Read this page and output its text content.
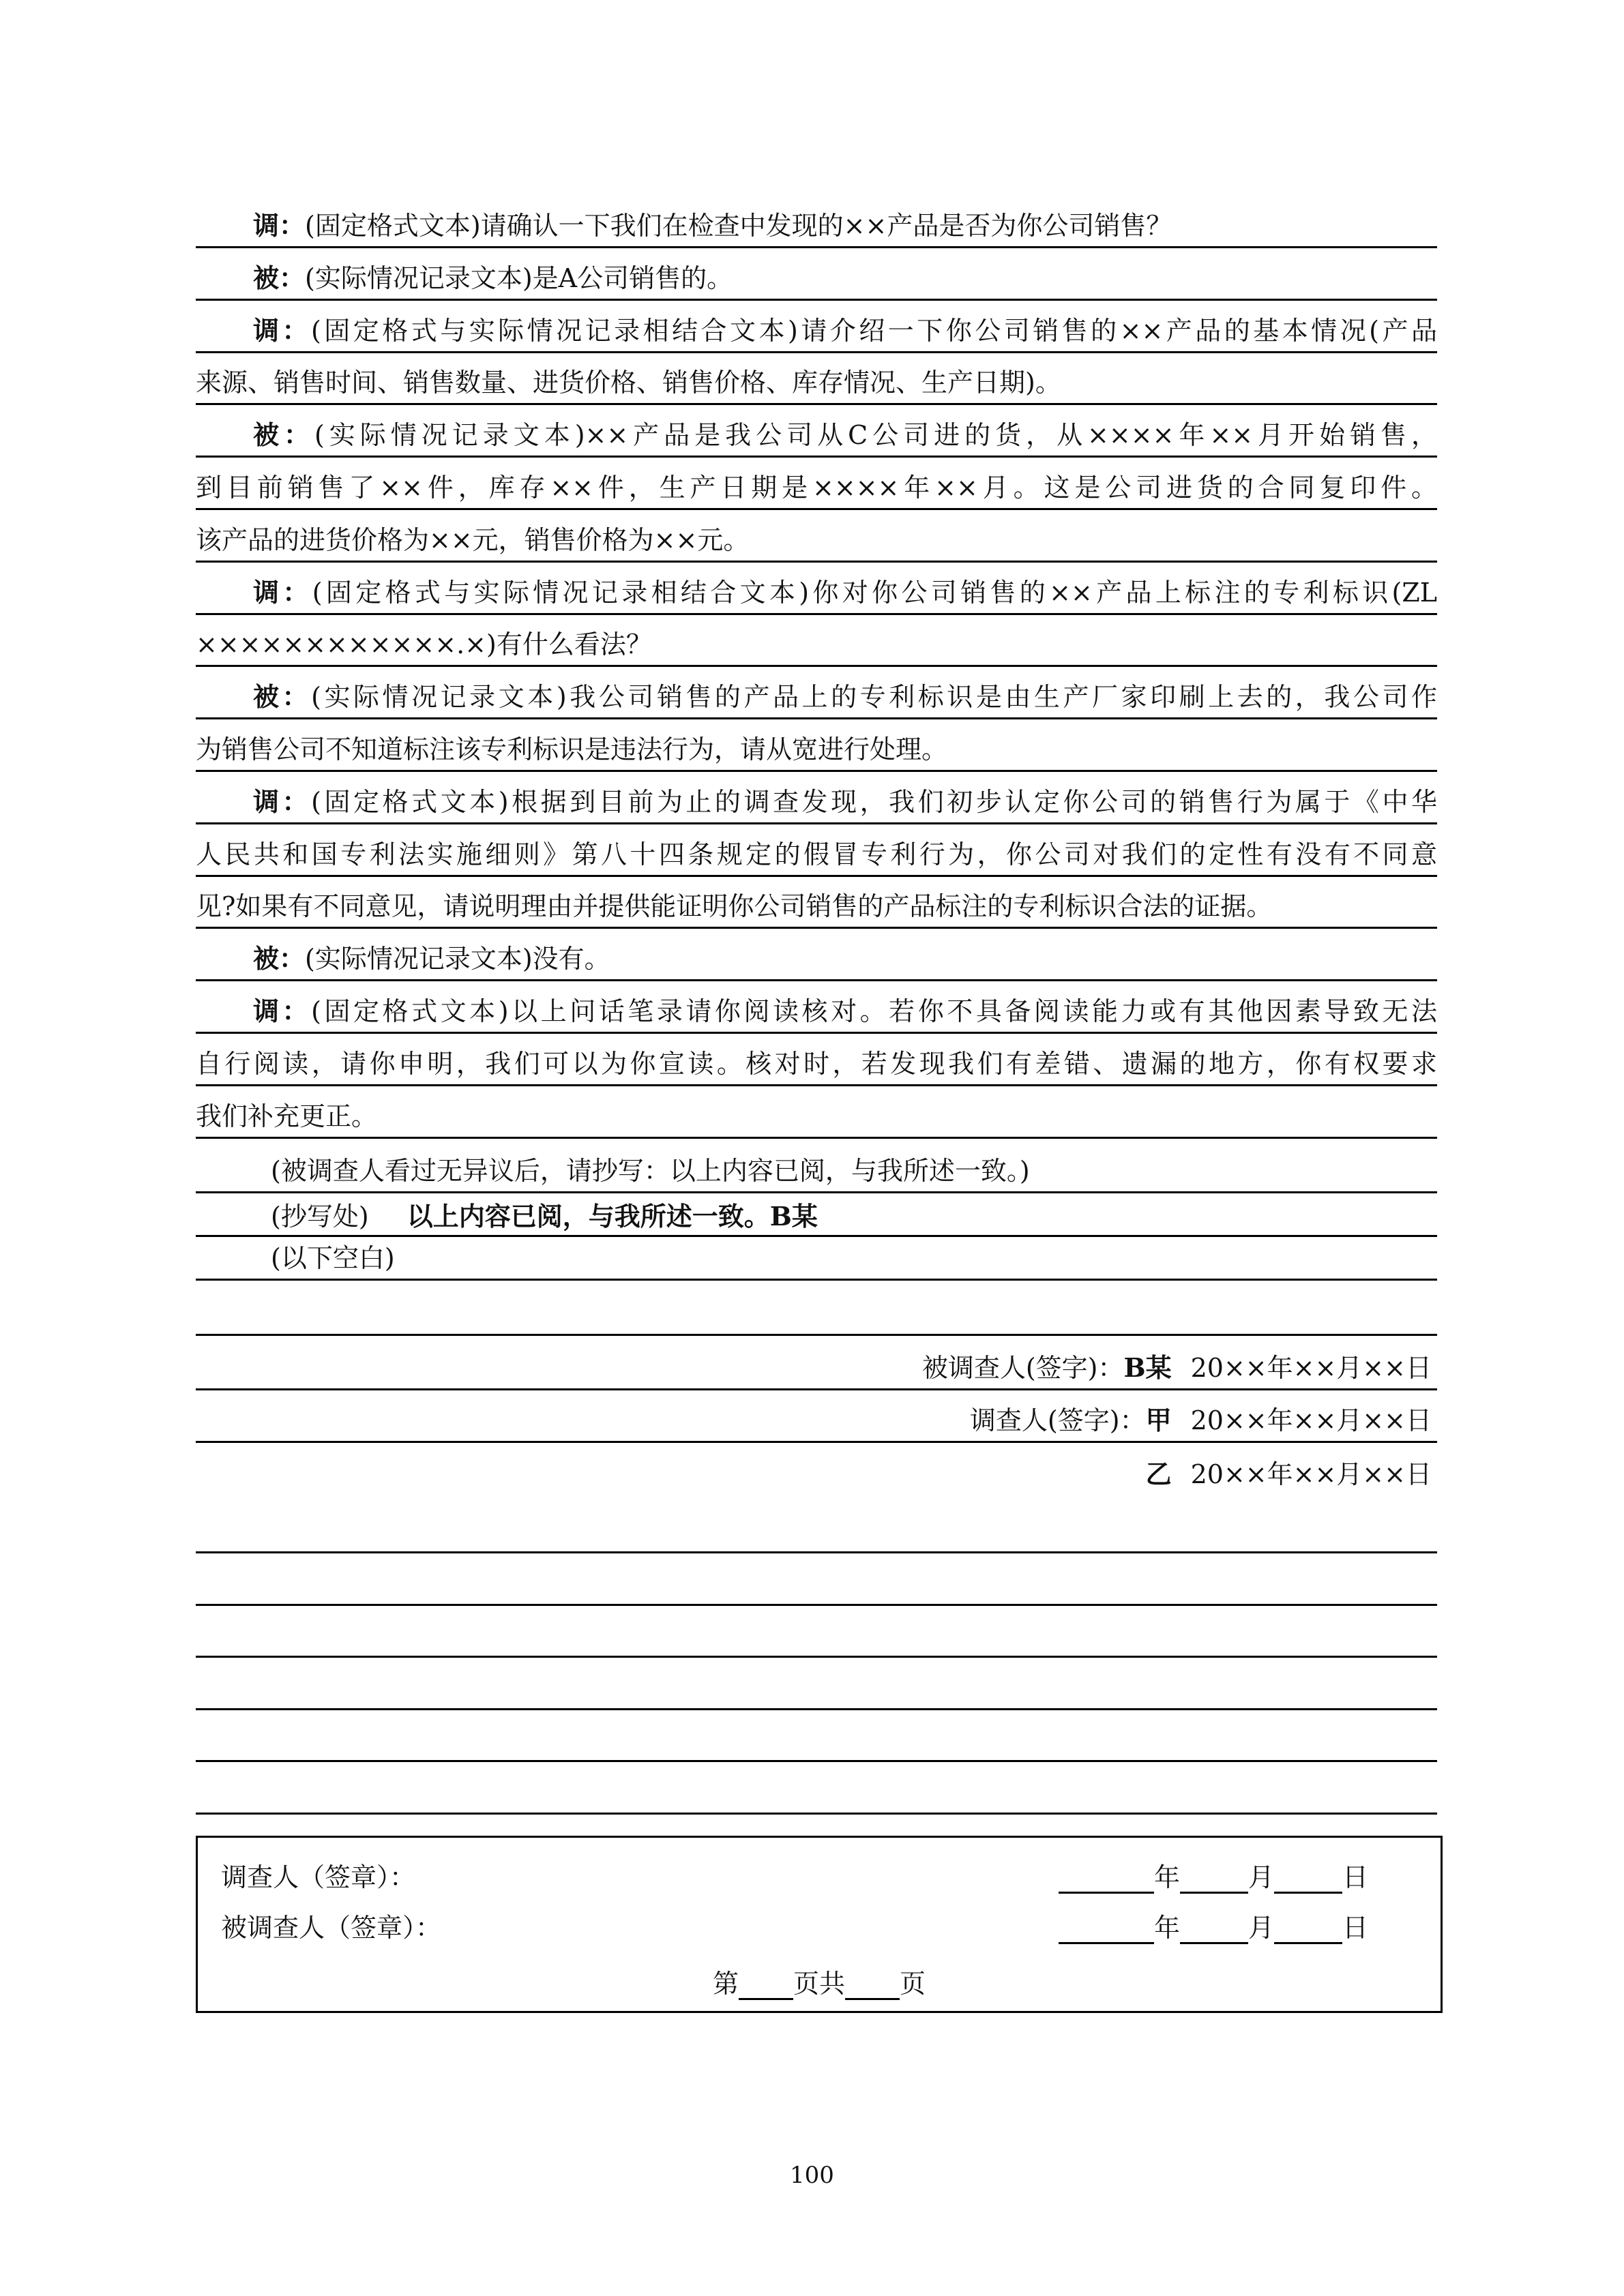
调：(固定格式文本)请确认一下我们在检查中发现的××产品是否为你公司销售？
被：(实际情况记录文本)是A公司销售的。
调：(固定格式与实际情况记录相结合文本)请介绍一下你公司销售的××产品的基本情况(产品
来源、销售时间、销售数量、进货价格、销售价格、库存情况、生产日期)。
被：(实际情况记录文本)××产品是我公司从C公司进的货，从××××年××月开始销售，
到目前销售了××件，库存××件，生产日期是××××年××月。这是公司进货的合同复印件。
该产品的进货价格为××元，销售价格为××元。
调：(固定格式与实际情况记录相结合文本)你对你公司销售的××产品上标注的专利标识(ZL
××××××××××××.×)有什么看法？
被：(实际情况记录文本)我公司销售的产品上的专利标识是由生产厂家印刷上去的，我公司作
为销售公司不知道标注该专利标识是违法行为，请从宽进行处理。
调：(固定格式文本)根据到目前为止的调查发现，我们初步认定你公司的销售行为属于《中华
人民共和国专利法实施细则》第八十四条规定的假冒专利行为，你公司对我们的定性有没有不同意
见?如果有不同意见，请说明理由并提供能证明你公司销售的产品标注的专利标识合法的证据。
被：(实际情况记录文本)没有。
调：(固定格式文本)以上问话笔录请你阅读核对。若你不具备阅读能力或有其他因素导致无法
自行阅读，请你申明，我们可以为你宣读。核对时，若发现我们有差错、遗漏的地方，你有权要求
我们补充更正。
(被调查人看过无异议后，请抄写：以上内容已阅，与我所述一致。)
(抄写处) 以上内容已阅，与我所述一致。B某
(以下空白)
被调查人(签字)：B某 20××年××月××日
调查人(签字)：甲 20××年××月××日
乙 20××年××月××日
调查人（签章）：	年	月	日
被调查人（签章）：	年	月	日
第 页共 页
100
